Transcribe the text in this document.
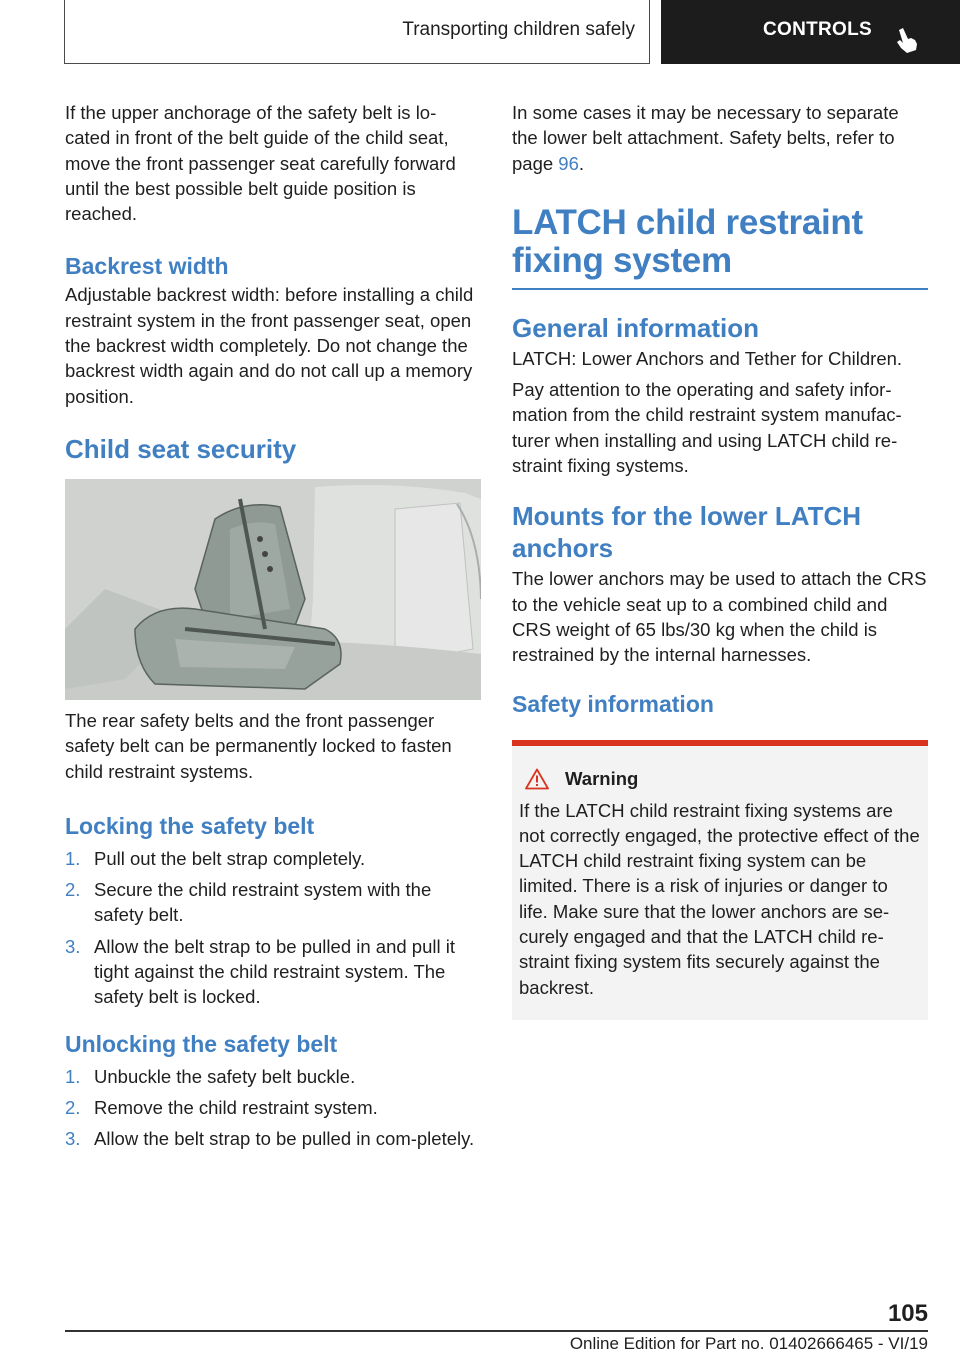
Transporting children safely	CONTROLS

If the upper anchorage of the safety belt is lo-cated in front of the belt guide of the child seat, move the front passenger seat carefully forward until the best possible belt guide position is reached.

Backrest width

Adjustable backrest width: before installing a child restraint system in the front passenger seat, open the backrest width completely. Do not change the backrest width again and do not call up a memory position.

Child seat security

The rear safety belts and the front passenger safety belt can be permanently locked to fasten child restraint systems.

Locking the safety belt
1. Pull out the belt strap completely.
2. Secure the child restraint system with the safety belt.
3. Allow the belt strap to be pulled in and pull it tight against the child restraint system. The safety belt is locked.
Unlocking the safety belt
1. Unbuckle the safety belt buckle.
2. Remove the child restraint system.
3. Allow the belt strap to be pulled in com-pletely.

In some cases it may be necessary to separate the lower belt attachment. Safety belts, refer to page 96.

LATCH child restraint fixing system
General information

LATCH: Lower Anchors and Tether for Children.

Pay attention to the operating and safety infor-mation from the child restraint system manufac-turer when installing and using LATCH child re-straint fixing systems.

Mounts for the lower LATCH anchors

The lower anchors may be used to attach the CRS to the vehicle seat up to a combined child and CRS weight of 65 lbs/30 kg when the child is restrained by the internal harnesses.

Safety information
Warning

If the LATCH child restraint fixing systems are not correctly engaged, the protective effect of the LATCH child restraint fixing system can be limited. There is a risk of injuries or danger to life. Make sure that the lower anchors are se-curely engaged and that the LATCH child re-straint fixing system fits securely against the backrest.

105
Online Edition for Part no. 01402666465 - VI/19
